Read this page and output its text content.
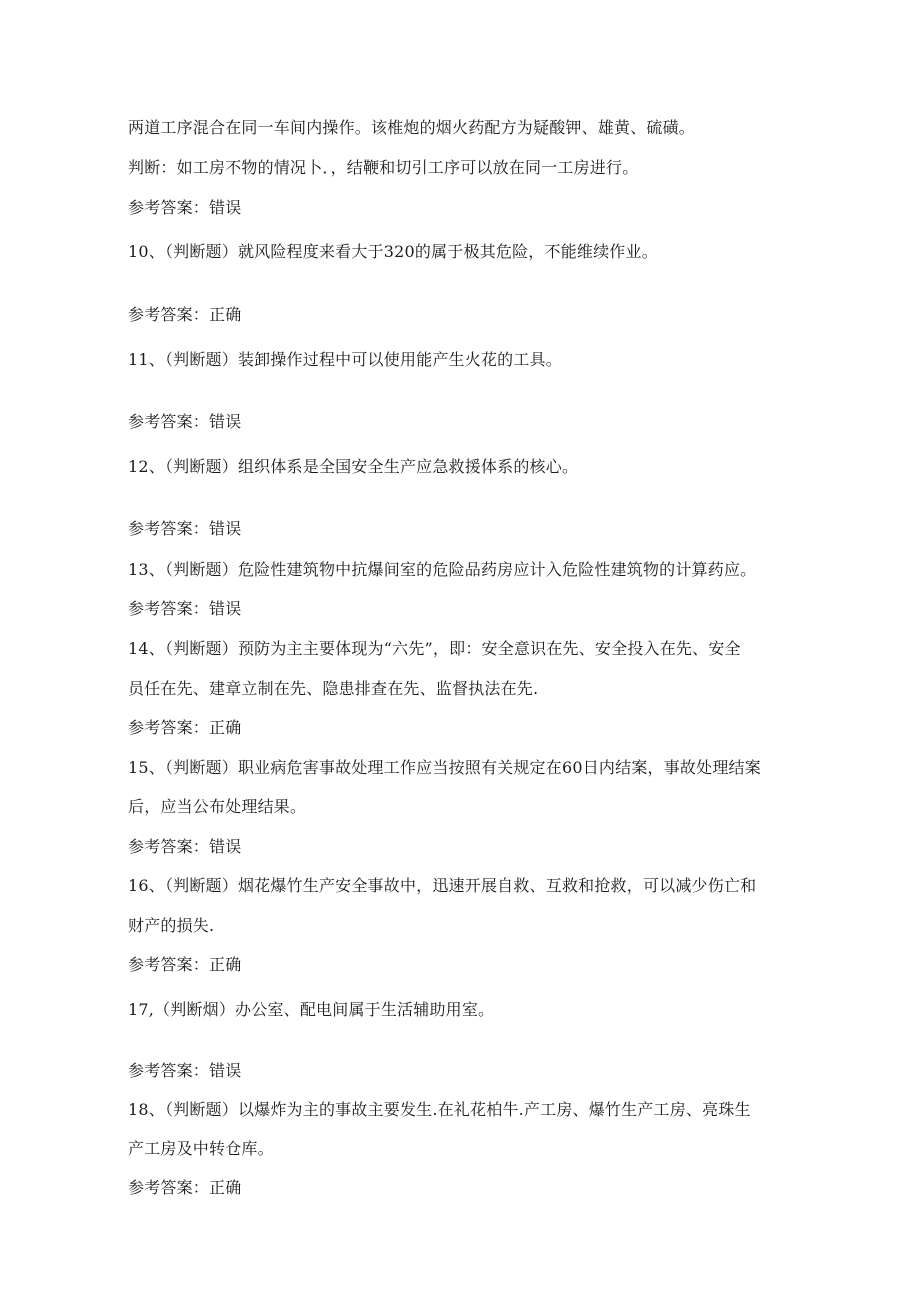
两道工序混合在同一车间内操作。该椎炮的烟火药配方为疑酸钾、雄黄、硫磺。
判断：如工房不物的情况卜．，结鞭和切引工序可以放在同一工房进行。
参考答案：错误
10、（判断题）就风险程度来看大于320的属于极其危险，不能维续作业。
参考答案：正确
11、（判断题）装卸操作过程中可以使用能产生火花的工具。
参考答案：错误
12、（判断题）组织体系是全国安全生产应急救援体系的核心。
参考答案：错误
13、（判断题）危险性建筑物中抗爆间室的危险品药房应计入危险性建筑物的计算药应。
参考答案：错误
14、（判断题）预防为主主要体现为“六先”，即：安全意识在先、安全投入在先、安全
员任在先、建章立制在先、隐患排查在先、监督执法在先.
参考答案：正确
15、（判断题）职业病危害事故处理工作应当按照有关规定在60日内结案，事故处理结案
后，应当公布处理结果。
参考答案：错误
16、（判断题）烟花爆竹生产安全事故中，迅速开展自救、互救和抢救，可以减少伤亡和
财产的损失.
参考答案：正确
17,（判断烟）办公室、配电间属于生活辅助用室。
参考答案：错误
18、（判断题）以爆炸为主的事故主要发生.在礼花柏牛.产工房、爆竹生产工房、亮珠生
产工房及中转仓库。
参考答案：正确
